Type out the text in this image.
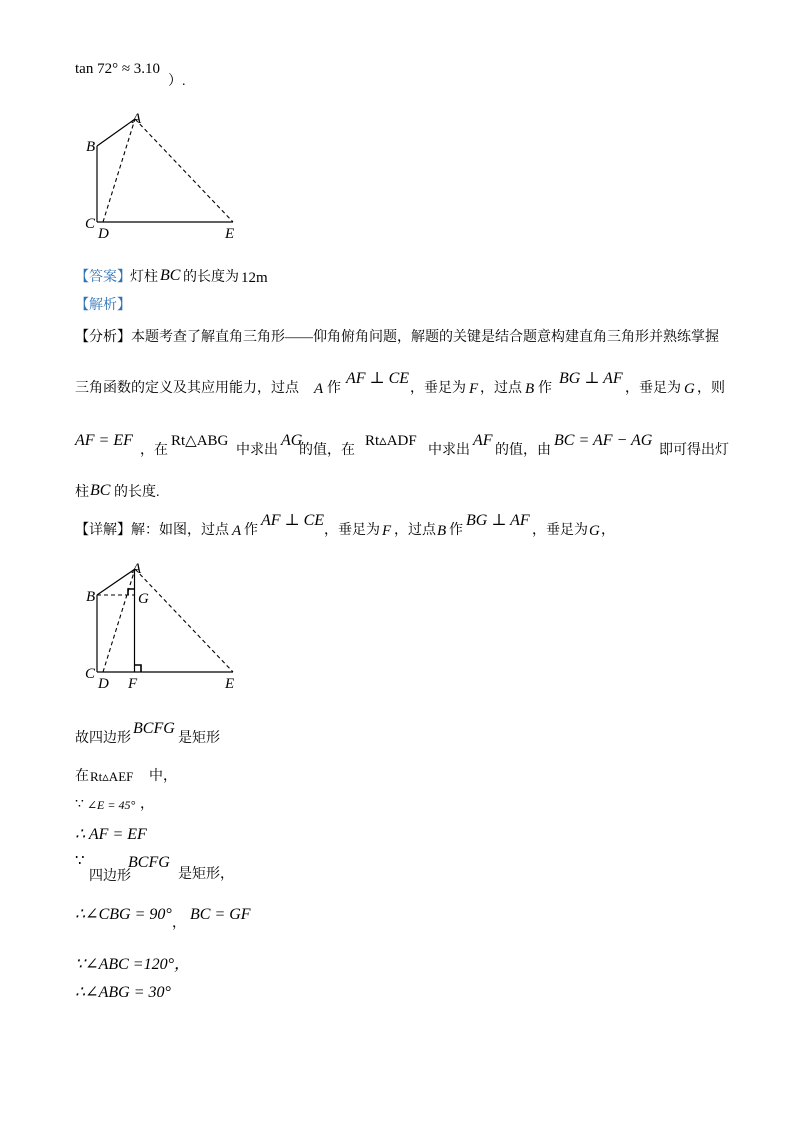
tan 72° ≈ 3.10
）.
A
B
C
D	E
【答案】 灯柱 BC 的长度为 12m
【解析】
【分析】 本题考查了解直角三角形——仰角俯角问题，解题的关键是结合题意构建直角三角形并熟练掌握
三角函数的定义及其应用能力，过点 A 作
AF ⊥ CE
，垂足为 F ，过点 B 作
BG ⊥ AF
，垂足为 G ，则
AF = EF
，在
Rt△ABG
中求出
AG
的值，在
Rt▵ADF
中求出
AF
的值，由
BC = AF − AG
即可得出灯
柱 BC 的长度.
【详解】 解：如图，过点 A 作
AF ⊥ CE
，垂足为 F ，过点 B 作
BG ⊥ AF
，垂足为 G ，
A
B	G
C
D F	E
故四边形
BCFG
是矩形
在 Rt▵AEF 中，
∵ ∠E = 45° ，
∴ AF = EF
∵
四边形
BCFG
是矩形，
∴∠CBG = 90°
，
BC = GF
∵∠ABC =120°，
∴∠ABG = 30°
